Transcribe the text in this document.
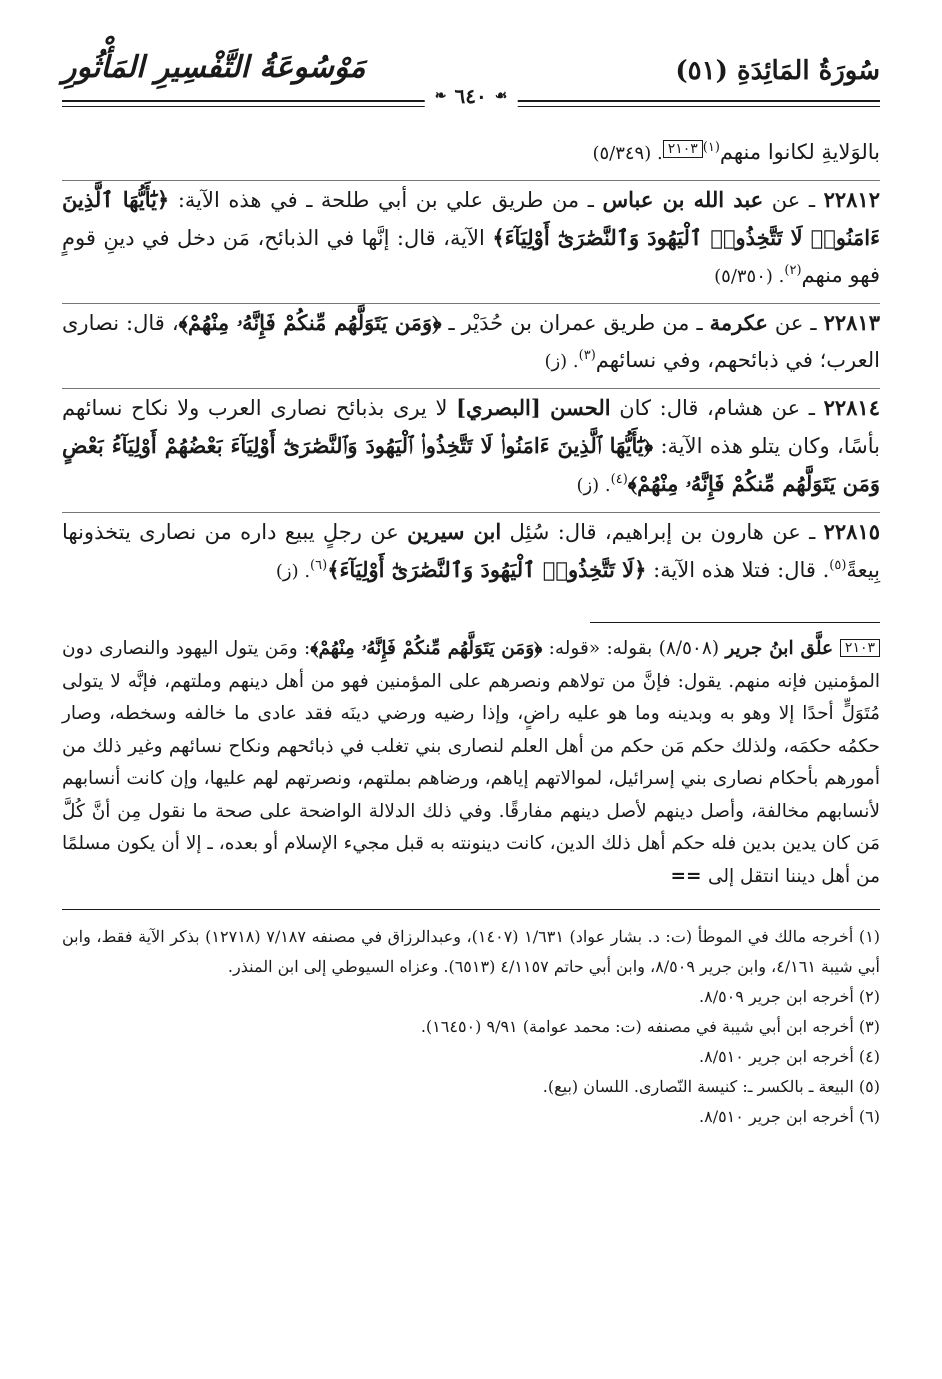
سُورَةُ المَائِدَةِ (٥١)
مَوْسُوعَةُ التَّفْسِيرِ المَأْثُورِ
❧ ٦٤٠ ☙

بالوَلايةِ لكانوا منهم$^{(١)}$٢١٠٣. (٥/٣٤٩)

٢٢٨١٢ ـ عن عبد الله بن عباس ـ من طريق علي بن أبي طلحة ـ في هذه الآية: ﴿يَٰٓأَيُّهَا ٱلَّذِينَ ءَامَنُوا۟ لَا تَتَّخِذُوا۟ ٱلْيَهُودَ وَٱلنَّصَٰرَىٰٓ أَوْلِيَآءَ﴾ الآية، قال: إنَّها في الذبائح، مَن دخل في دينِ قومٍ فهو منهم$^{(٢)}$. (٥/٣٥٠)

٢٢٨١٣ ـ عن عكرمة ـ من طريق عمران بن حُدَيْر ـ ﴿وَمَن يَتَوَلَّهُم مِّنكُمْ فَإِنَّهُۥ مِنْهُمْ﴾، قال: نصارى العرب؛ في ذبائحهم، وفي نسائهم$^{(٣)}$. (ز)

٢٢٨١٤ ـ عن هشام، قال: كان الحسن [البصري] لا يرى بذبائح نصارى العرب ولا نكاح نسائهم بأسًا، وكان يتلو هذه الآية: ﴿يَٰٓأَيُّهَا ٱلَّذِينَ ءَامَنُوا۟ لَا تَتَّخِذُوا۟ ٱلْيَهُودَ وَٱلنَّصَٰرَىٰٓ أَوْلِيَآءَ بَعْضُهُمْ أَوْلِيَآءُ بَعْضٍ وَمَن يَتَوَلَّهُم مِّنكُمْ فَإِنَّهُۥ مِنْهُمْ﴾$^{(٤)}$. (ز)

٢٢٨١٥ ـ عن هارون بن إبراهيم، قال: سُئِل ابن سيرين عن رجلٍ يبيع داره من نصارى يتخذونها بِيعةً$^{(٥)}$. قال: فتلا هذه الآية: ﴿لَا تَتَّخِذُوا۟ ٱلْيَهُودَ وَٱلنَّصَٰرَىٰٓ أَوْلِيَآءَ﴾$^{(٦)}$. (ز)

٢١٠٣ علَّق ابنُ جرير (٨/٥٠٨) بقوله: «قوله: ﴿وَمَن يَتَوَلَّهُم مِّنكُمْ فَإِنَّهُۥ مِنْهُمْ﴾: ومَن يتول اليهود والنصارى دون المؤمنين فإنه منهم. يقول: فإنَّ من تولاهم ونصرهم على المؤمنين فهو من أهل دينهم وملتهم، فإنَّه لا يتولى مُتَوَلٍّ أحدًا إلا وهو به وبدينه وما هو عليه راضٍ، وإذا رضيه ورضي دينَه فقد عادى ما خالفه وسخطه، وصار حكمُه حكمَه، ولذلك حكم مَن حكم من أهل العلم لنصارى بني تغلب في ذبائحهم ونكاح نسائهم وغير ذلك من أمورهم بأحكام نصارى بني إسرائيل، لموالاتهم إياهم، ورضاهم بملتهم، ونصرتهم لهم عليها، وإن كانت أنسابهم لأنسابهم مخالفة، وأصل دينهم لأصل دينهم مفارقًا. وفي ذلك الدلالة الواضحة على صحة ما نقول مِن أنَّ كُلَّ مَن كان يدين بدين فله حكم أهل ذلك الدين، كانت دينونته به قبل مجيء الإسلام أو بعده، ـ إلا أن يكون مسلمًا من أهل ديننا انتقل إلى ==
(١) أخرجه مالك في الموطأ (ت: د. بشار عواد) ١/٦٣١ (١٤٠٧)، وعبدالرزاق في مصنفه ٧/١٨٧ (١٢٧١٨) بذكر الآية فقط، وابن أبي شيبة ٤/١٦١، وابن جرير ٨/٥٠٩، وابن أبي حاتم ٤/١١٥٧ (٦٥١٣). وعزاه السيوطي إلى ابن المنذر.
(٢) أخرجه ابن جرير ٨/٥٠٩.
(٣) أخرجه ابن أبي شيبة في مصنفه (ت: محمد عوامة) ٩/٩١ (١٦٤٥٠).
(٤) أخرجه ابن جرير ٨/٥١٠.
(٥) البيعة ـ بالكسر ـ: كنيسة النّصارى. اللسان (بيع).
(٦) أخرجه ابن جرير ٨/٥١٠.
